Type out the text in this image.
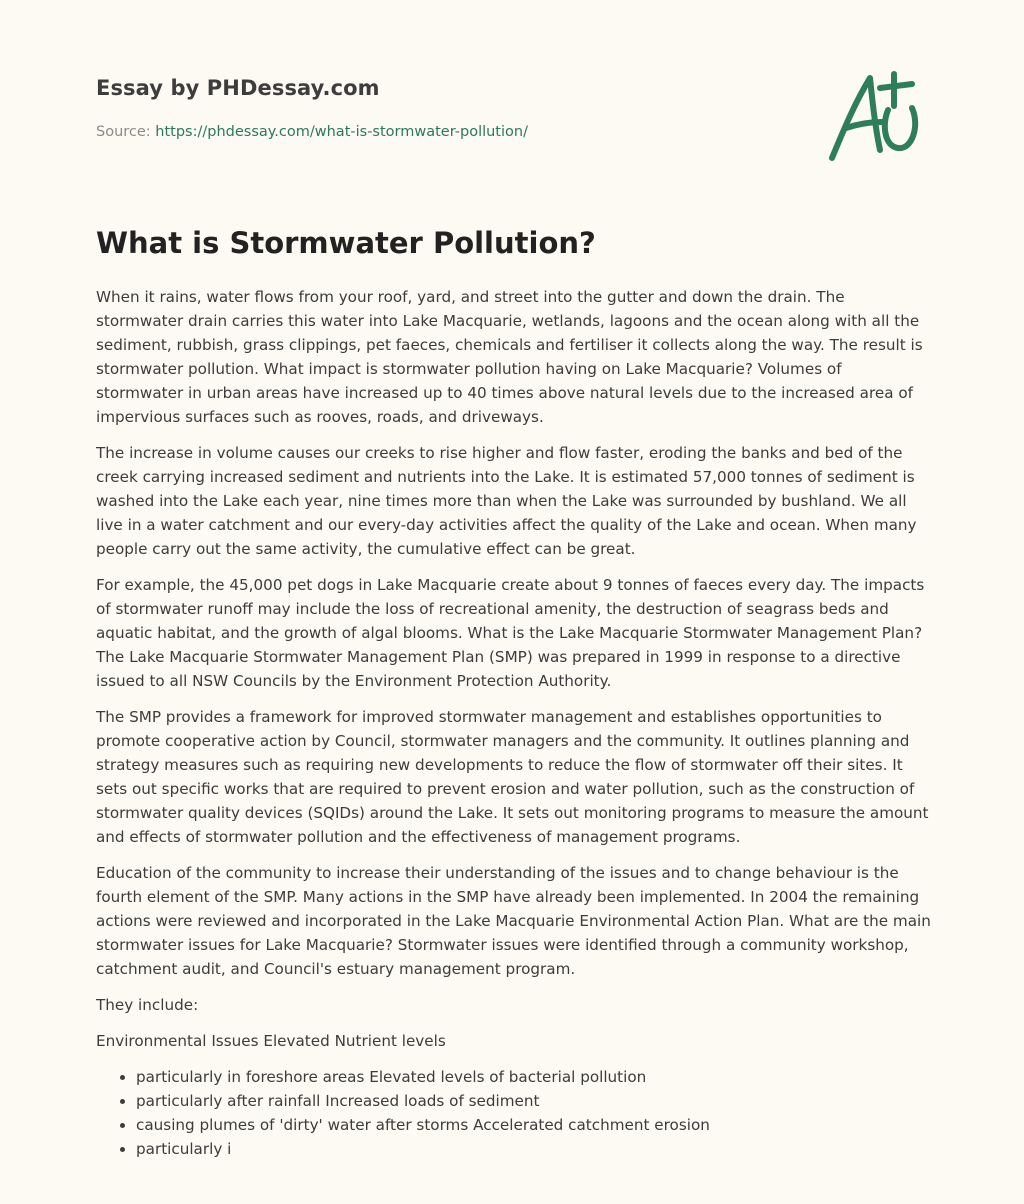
Essay by PHDessay.com
Source: https://phdessay.com/what-is-stormwater-pollution/
What is Stormwater Pollution?

When it rains, water flows from your roof, yard, and street into the gutter and down the drain. The stormwater drain carries this water into Lake Macquarie, wetlands, lagoons and the ocean along with all the sediment, rubbish, grass clippings, pet faeces, chemicals and fertiliser it collects along the way. The result is stormwater pollution. What impact is stormwater pollution having on Lake Macquarie? Volumes of stormwater in urban areas have increased up to 40 times above natural levels due to the increased area of impervious surfaces such as rooves, roads, and driveways.

The increase in volume causes our creeks to rise higher and flow faster, eroding the banks and bed of the creek carrying increased sediment and nutrients into the Lake. It is estimated 57,000 tonnes of sediment is washed into the Lake each year, nine times more than when the Lake was surrounded by bushland. We all live in a water catchment and our every-day activities affect the quality of the Lake and ocean. When many people carry out the same activity, the cumulative effect can be great.

For example, the 45,000 pet dogs in Lake Macquarie create about 9 tonnes of faeces every day. The impacts of stormwater runoff may include the loss of recreational amenity, the destruction of seagrass beds and aquatic habitat, and the growth of algal blooms. What is the Lake Macquarie Stormwater Management Plan? The Lake Macquarie Stormwater Management Plan (SMP) was prepared in 1999 in response to a directive issued to all NSW Councils by the Environment Protection Authority.

The SMP provides a framework for improved stormwater management and establishes opportunities to promote cooperative action by Council, stormwater managers and the community. It outlines planning and strategy measures such as requiring new developments to reduce the flow of stormwater off their sites. It sets out specific works that are required to prevent erosion and water pollution, such as the construction of stormwater quality devices (SQIDs) around the Lake. It sets out monitoring programs to measure the amount and effects of stormwater pollution and the effectiveness of management programs.

Education of the community to increase their understanding of the issues and to change behaviour is the fourth element of the SMP. Many actions in the SMP have already been implemented. In 2004 the remaining actions were reviewed and incorporated in the Lake Macquarie Environmental Action Plan. What are the main stormwater issues for Lake Macquarie? Stormwater issues were identified through a community workshop, catchment audit, and Council's estuary management program.

They include:

Environmental Issues Elevated Nutrient levels

• particularly in foreshore areas Elevated levels of bacterial pollution
• particularly after rainfall Increased loads of sediment
• causing plumes of 'dirty' water after storms Accelerated catchment erosion
• particularly i
